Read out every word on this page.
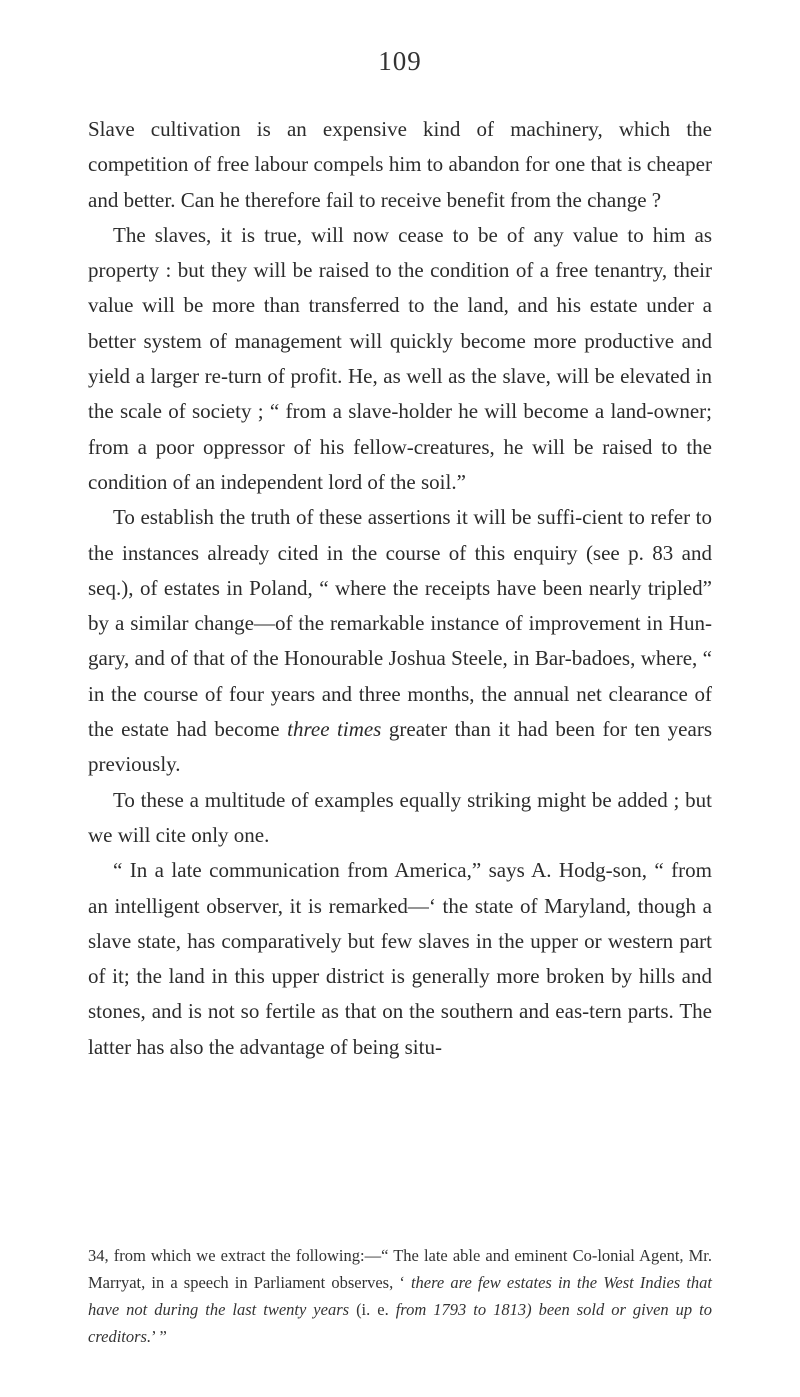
109

Slave cultivation is an expensive kind of machinery, which the competition of free labour compels him to abandon for one that is cheaper and better. Can he therefore fail to receive benefit from the change ?

The slaves, it is true, will now cease to be of any value to him as property : but they will be raised to the condition of a free tenantry, their value will be more than transferred to the land, and his estate under a better system of management will quickly become more productive and yield a larger re-turn of profit. He, as well as the slave, will be elevated in the scale of society ; “ from a slave-holder he will become a land-owner; from a poor oppressor of his fellow-creatures, he will be raised to the condition of an independent lord of the soil.”

To establish the truth of these assertions it will be suffi-cient to refer to the instances already cited in the course of this enquiry (see p. 83 and seq.), of estates in Poland, “ where the receipts have been nearly tripled” by a similar change—of the remarkable instance of improvement in Hun-gary, and of that of the Honourable Joshua Steele, in Bar-badoes, where, “ in the course of four years and three months, the annual net clearance of the estate had become three times greater than it had been for ten years previously.

To these a multitude of examples equally striking might be added ; but we will cite only one.

“ In a late communication from America,” says A. Hodg-son, “ from an intelligent observer, it is remarked—‘ the state of Maryland, though a slave state, has comparatively but few slaves in the upper or western part of it; the land in this upper district is generally more broken by hills and stones, and is not so fertile as that on the southern and eas-tern parts. The latter has also the advantage of being situ-

34, from which we extract the following:—“ The late able and eminent Co-lonial Agent, Mr. Marryat, in a speech in Parliament observes, ‘ there are few estates in the West Indies that have not during the last twenty years (i. e. from 1793 to 1813) been sold or given up to creditors.’ ”
